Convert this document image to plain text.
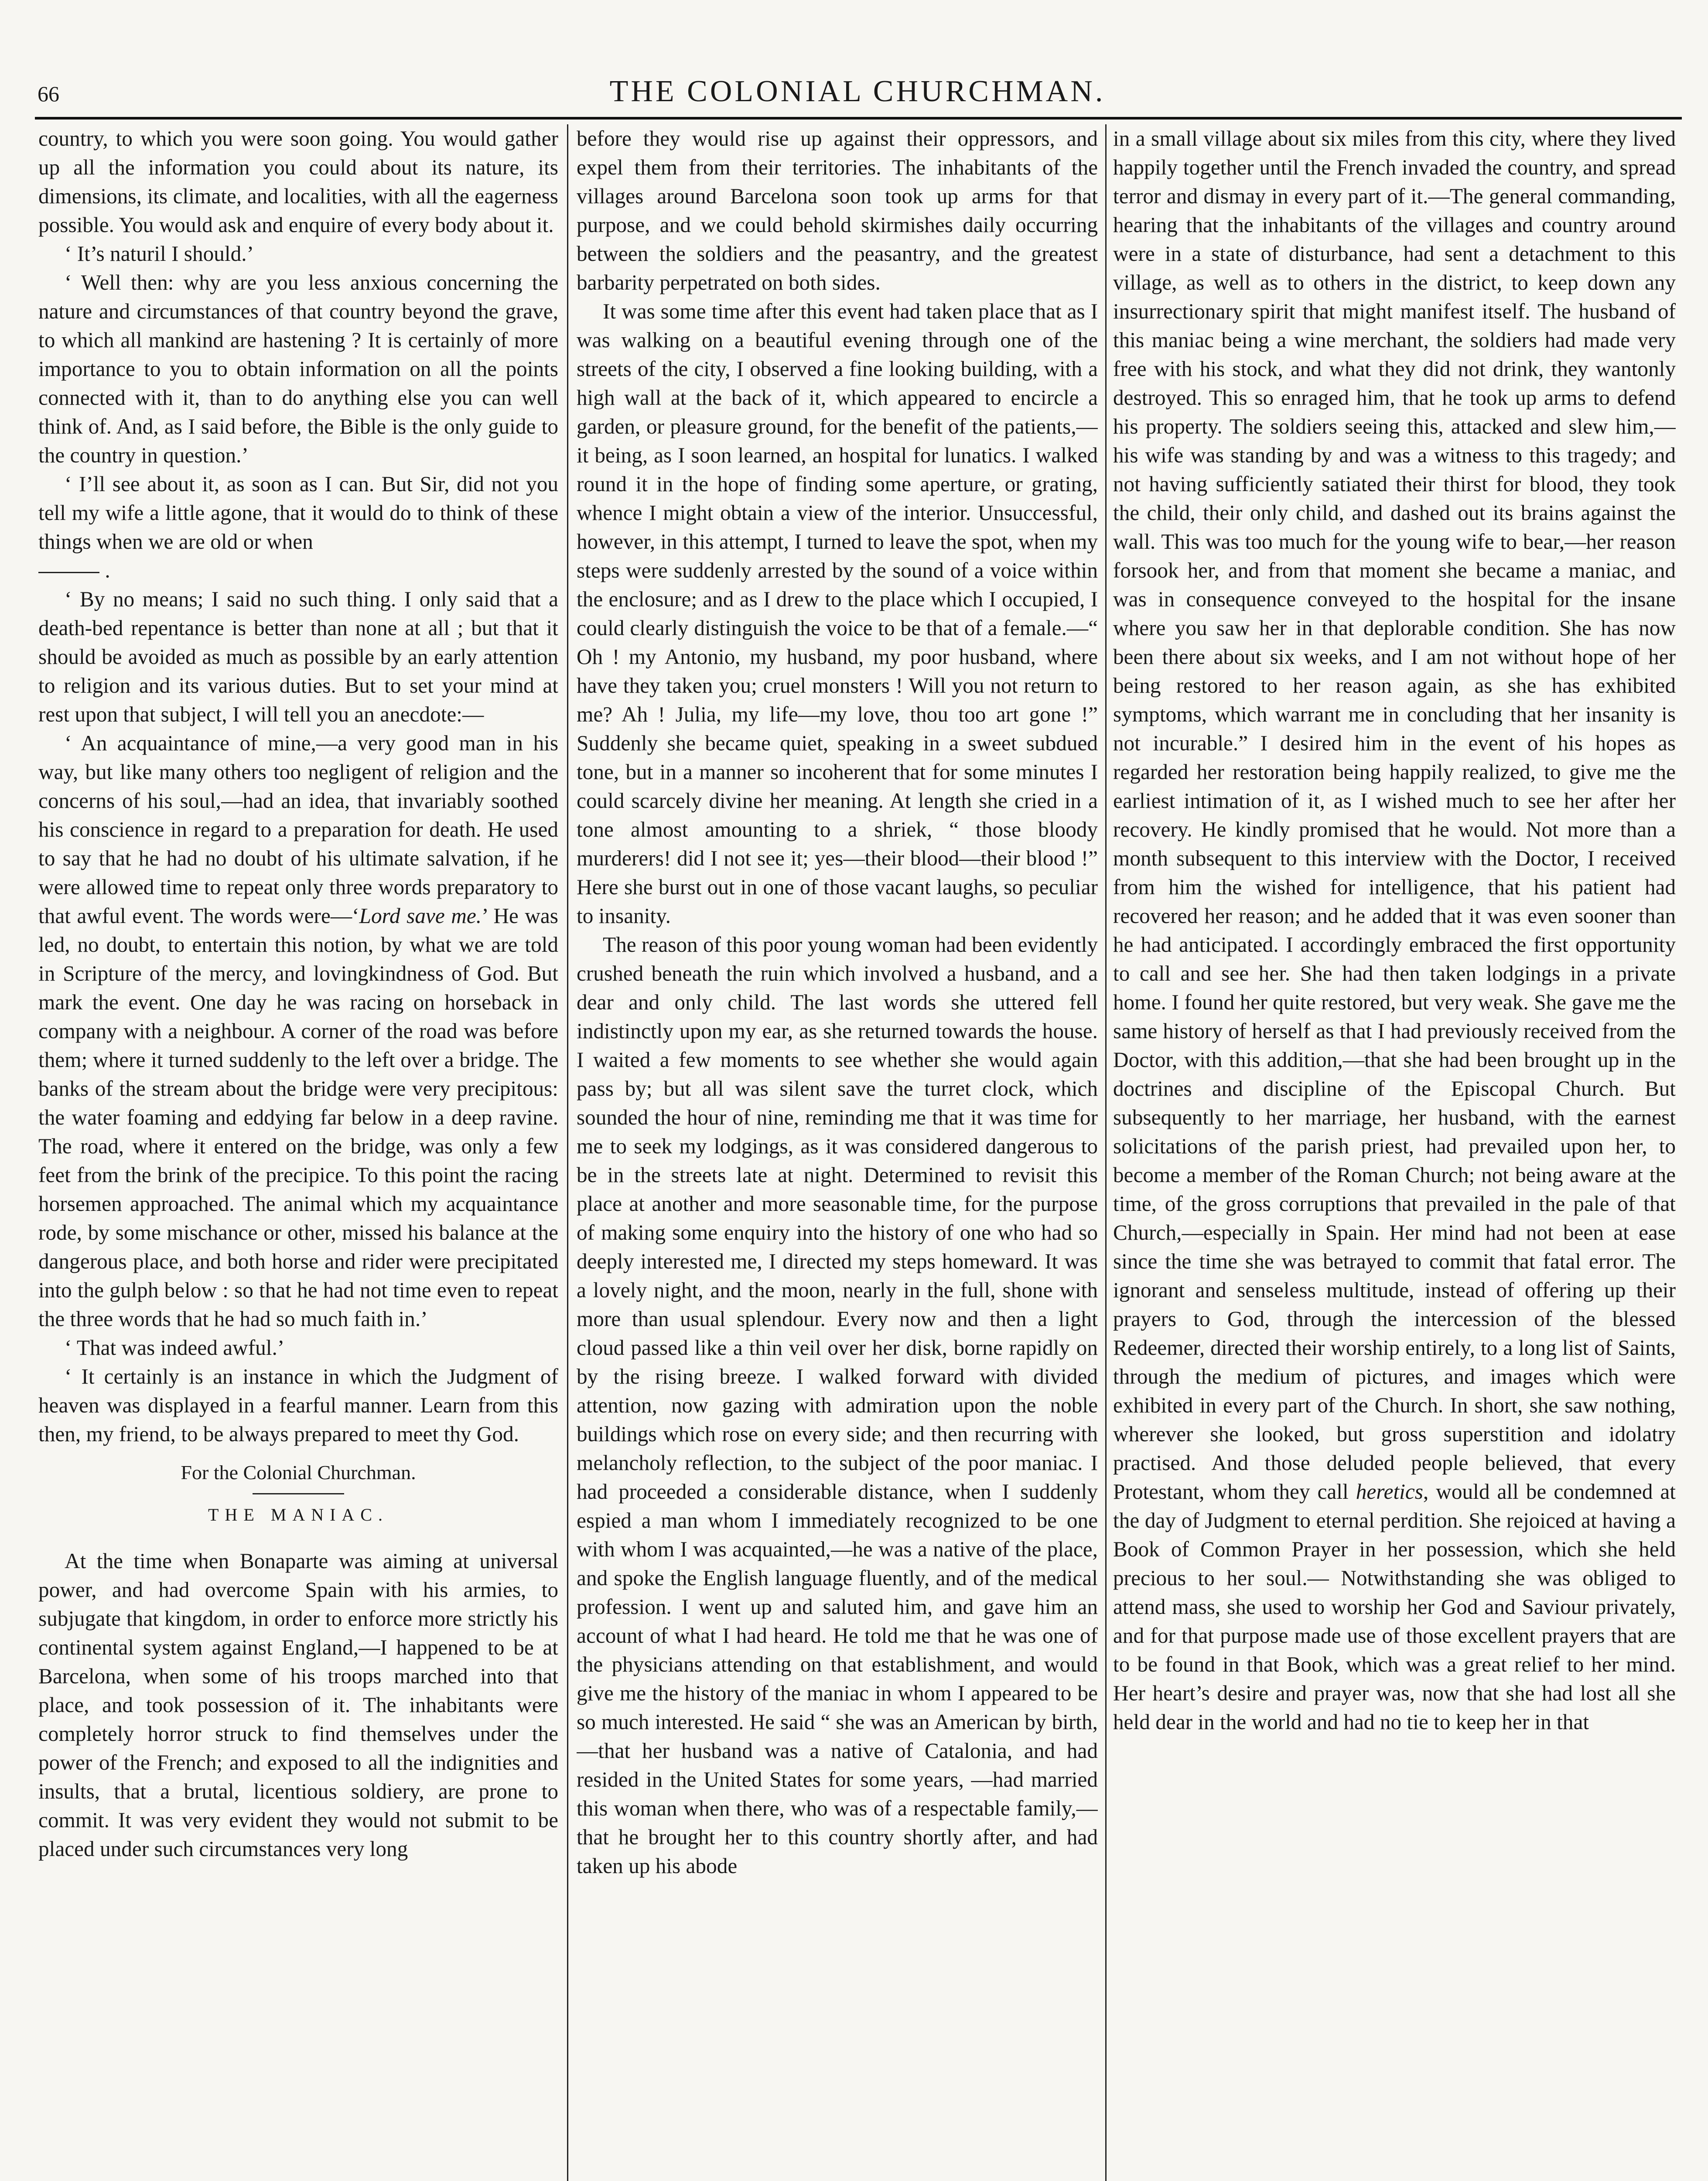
66	THE COLONIAL CHURCHMAN.

country, to which you were soon going. You would gather up all the information you could about its nature, its dimensions, its climate, and localities, with all the eagerness possible. You would ask and enquire of every body about it.

‘ It’s naturil I should.’

‘ Well then: why are you less anxious concerning the nature and circumstances of that country beyond the grave, to which all mankind are hastening ? It is certainly of more importance to you to obtain information on all the points connected with it, than to do anything else you can well think of. And, as I said before, the Bible is the only guide to the country in question.’

‘ I’ll see about it, as soon as I can. But Sir, did not you tell my wife a little agone, that it would do to think of these things when we are old or when
.

‘ By no means; I said no such thing. I only said that a death-bed repentance is better than none at all ; but that it should be avoided as much as possible by an early attention to religion and its various duties. But to set your mind at rest upon that subject, I will tell you an anecdote:—

‘ An acquaintance of mine,—a very good man in his way, but like many others too negligent of religion and the concerns of his soul,—had an idea, that invariably soothed his conscience in regard to a preparation for death. He used to say that he had no doubt of his ultimate salvation, if he were allowed time to repeat only three words preparatory to that awful event. The words were—‘Lord save me.’ He was led, no doubt, to entertain this notion, by what we are told in Scripture of the mercy, and lovingkindness of God. But mark the event. One day he was racing on horseback in company with a neighbour. A corner of the road was before them; where it turned suddenly to the left over a bridge. The banks of the stream about the bridge were very precipitous: the water foaming and eddying far below in a deep ravine. The road, where it entered on the bridge, was only a few feet from the brink of the precipice. To this point the racing horsemen approached. The animal which my acquaintance rode, by some mischance or other, missed his balance at the dangerous place, and both horse and rider were precipitated into the gulph below : so that he had not time even to repeat the three words that he had so much faith in.’

‘ That was indeed awful.’

‘ It certainly is an instance in which the Judgment of heaven was displayed in a fearful manner. Learn from this then, my friend, to be always prepared to meet thy God.

For the Colonial Churchman.
THE MANIAC.

At the time when Bonaparte was aiming at universal power, and had overcome Spain with his armies, to subjugate that kingdom, in order to enforce more strictly his continental system against England,—I happened to be at Barcelona, when some of his troops marched into that place, and took possession of it. The inhabitants were completely horror struck to find themselves under the power of the French; and exposed to all the indignities and insults, that a brutal, licentious soldiery, are prone to commit. It was very evident they would not submit to be placed under such circumstances very long

before they would rise up against their oppressors, and expel them from their territories. The inhabitants of the villages around Barcelona soon took up arms for that purpose, and we could behold skirmishes daily occurring between the soldiers and the peasantry, and the greatest barbarity perpetrated on both sides.

It was some time after this event had taken place that as I was walking on a beautiful evening through one of the streets of the city, I observed a fine looking building, with a high wall at the back of it, which appeared to encircle a garden, or pleasure ground, for the benefit of the patients,—it being, as I soon learned, an hospital for lunatics. I walked round it in the hope of finding some aperture, or grating, whence I might obtain a view of the interior. Unsuccessful, however, in this attempt, I turned to leave the spot, when my steps were suddenly arrested by the sound of a voice within the enclosure; and as I drew to the place which I occupied, I could clearly distinguish the voice to be that of a female.—“ Oh ! my Antonio, my husband, my poor husband, where have they taken you; cruel monsters ! Will you not return to me? Ah ! Julia, my life—my love, thou too art gone !” Suddenly she became quiet, speaking in a sweet subdued tone, but in a manner so incoherent that for some minutes I could scarcely divine her meaning. At length she cried in a tone almost amounting to a shriek, “ those bloody murderers! did I not see it; yes—their blood—their blood !” Here she burst out in one of those vacant laughs, so peculiar to insanity.

The reason of this poor young woman had been evidently crushed beneath the ruin which involved a husband, and a dear and only child. The last words she uttered fell indistinctly upon my ear, as she returned towards the house. I waited a few moments to see whether she would again pass by; but all was silent save the turret clock, which sounded the hour of nine, reminding me that it was time for me to seek my lodgings, as it was considered dangerous to be in the streets late at night. Determined to revisit this place at another and more seasonable time, for the purpose of making some enquiry into the history of one who had so deeply interested me, I directed my steps homeward. It was a lovely night, and the moon, nearly in the full, shone with more than usual splendour. Every now and then a light cloud passed like a thin veil over her disk, borne rapidly on by the rising breeze. I walked forward with divided attention, now gazing with admiration upon the noble buildings which rose on every side; and then recurring with melancholy reflection, to the subject of the poor maniac. I had proceeded a considerable distance, when I suddenly espied a man whom I immediately recognized to be one with whom I was acquainted,—he was a native of the place, and spoke the English language fluently, and of the medical profession. I went up and saluted him, and gave him an account of what I had heard. He told me that he was one of the physicians attending on that establishment, and would give me the history of the maniac in whom I appeared to be so much interested. He said “ she was an American by birth, —that her husband was a native of Catalonia, and had resided in the United States for some years, —had married this woman when there, who was of a respectable family,—that he brought her to this country shortly after, and had taken up his abode

in a small village about six miles from this city, where they lived happily together until the French invaded the country, and spread terror and dismay in every part of it.—The general commanding, hearing that the inhabitants of the villages and country around were in a state of disturbance, had sent a detachment to this village, as well as to others in the district, to keep down any insurrectionary spirit that might manifest itself. The husband of this maniac being a wine merchant, the soldiers had made very free with his stock, and what they did not drink, they wantonly destroyed. This so enraged him, that he took up arms to defend his property. The soldiers seeing this, attacked and slew him,—his wife was standing by and was a witness to this tragedy; and not having sufficiently satiated their thirst for blood, they took the child, their only child, and dashed out its brains against the wall. This was too much for the young wife to bear,—her reason forsook her, and from that moment she became a maniac, and was in consequence conveyed to the hospital for the insane where you saw her in that deplorable condition. She has now been there about six weeks, and I am not without hope of her being restored to her reason again, as she has exhibited symptoms, which warrant me in concluding that her insanity is not incurable.” I desired him in the event of his hopes as regarded her restoration being happily realized, to give me the earliest intimation of it, as I wished much to see her after her recovery. He kindly promised that he would. Not more than a month subsequent to this interview with the Doctor, I received from him the wished for intelligence, that his patient had recovered her reason; and he added that it was even sooner than he had anticipated. I accordingly embraced the first opportunity to call and see her. She had then taken lodgings in a private home. I found her quite restored, but very weak. She gave me the same history of herself as that I had previously received from the Doctor, with this addition,—that she had been brought up in the doctrines and discipline of the Episcopal Church. But subsequently to her marriage, her husband, with the earnest solicitations of the parish priest, had prevailed upon her, to become a member of the Roman Church; not being aware at the time, of the gross corruptions that prevailed in the pale of that Church,—especially in Spain. Her mind had not been at ease since the time she was betrayed to commit that fatal error. The ignorant and senseless multitude, instead of offering up their prayers to God, through the intercession of the blessed Redeemer, directed their worship entirely, to a long list of Saints, through the medium of pictures, and images which were exhibited in every part of the Church. In short, she saw nothing, wherever she looked, but gross superstition and idolatry practised. And those deluded people believed, that every Protestant, whom they call heretics, would all be condemned at the day of Judgment to eternal perdition. She rejoiced at having a Book of Common Prayer in her possession, which she held precious to her soul.— Notwithstanding she was obliged to attend mass, she used to worship her God and Saviour privately, and for that purpose made use of those excellent prayers that are to be found in that Book, which was a great relief to her mind. Her heart’s desire and prayer was, now that she had lost all she held dear in the world and had no tie to keep her in that
